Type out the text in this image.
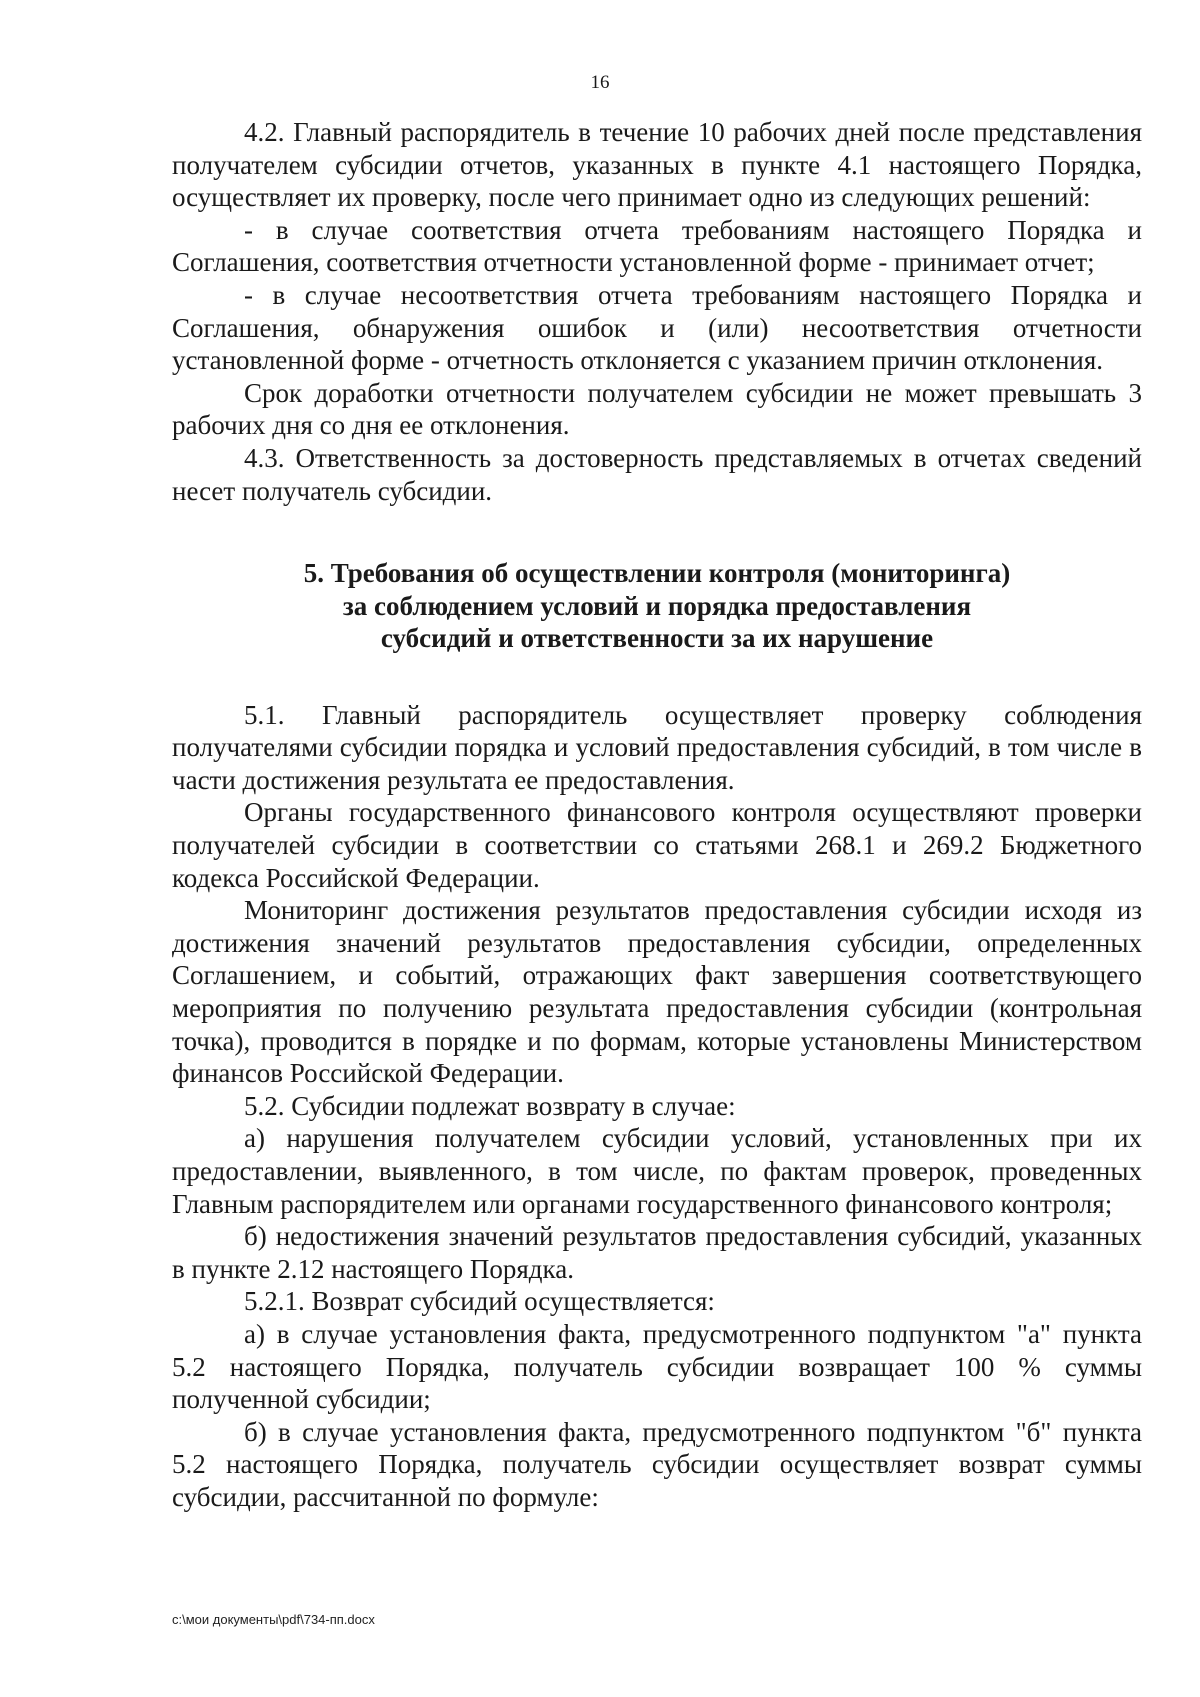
16

4.2. Главный распорядитель в течение 10 рабочих дней после представления получателем субсидии отчетов, указанных в пункте 4.1 настоящего Порядка, осуществляет их проверку, после чего принимает одно из следующих решений:

- в случае соответствия отчета требованиям настоящего Порядка и Соглашения, соответствия отчетности установленной форме - принимает отчет;

- в случае несоответствия отчета требованиям настоящего Порядка и Соглашения, обнаружения ошибок и (или) несоответствия отчетности установленной форме - отчетность отклоняется с указанием причин отклонения.

Срок доработки отчетности получателем субсидии не может превышать 3 рабочих дня со дня ее отклонения.

4.3. Ответственность за достоверность представляемых в отчетах сведений несет получатель субсидии.

5. Требования об осуществлении контроля (мониторинга)
за соблюдением условий и порядка предоставления
субсидий и ответственности за их нарушение

5.1. Главный распорядитель осуществляет проверку соблюдения получателями субсидии порядка и условий предоставления субсидий, в том числе в части достижения результата ее предоставления.

Органы государственного финансового контроля осуществляют проверки получателей субсидии в соответствии со статьями 268.1 и 269.2 Бюджетного кодекса Российской Федерации.

Мониторинг достижения результатов предоставления субсидии исходя из достижения значений результатов предоставления субсидии, определенных Соглашением, и событий, отражающих факт завершения соответствующего мероприятия по получению результата предоставления субсидии (контрольная точка), проводится в порядке и по формам, которые установлены Министерством финансов Российской Федерации.

5.2. Субсидии подлежат возврату в случае:

а) нарушения получателем субсидии условий, установленных при их предоставлении, выявленного, в том числе, по фактам проверок, проведенных Главным распорядителем или органами государственного финансового контроля;

б) недостижения значений результатов предоставления субсидий, указанных в пункте 2.12 настоящего Порядка.

5.2.1. Возврат субсидий осуществляется:

а) в случае установления факта, предусмотренного подпунктом "а" пункта 5.2 настоящего Порядка, получатель субсидии возвращает 100 % суммы полученной субсидии;

б) в случае установления факта, предусмотренного подпунктом "б" пункта 5.2 настоящего Порядка, получатель субсидии осуществляет возврат суммы субсидии, рассчитанной по формуле:

c:\мои документы\pdf\734-пп.docx
